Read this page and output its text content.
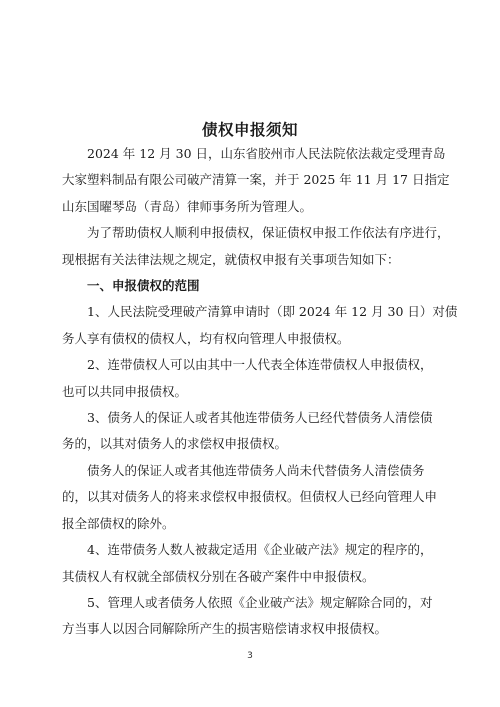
债权申报须知

2024 年 12 月 30 日，山东省胶州市人民法院依法裁定受理青岛
大家塑料制品有限公司破产清算一案，并于 2025 年 11 月 17 日指定
山东国曜琴岛（青岛）律师事务所为管理人。
为了帮助债权人顺利申报债权，保证债权申报工作依法有序进行，
现根据有关法律法规之规定，就债权申报有关事项告知如下：
一、申报债权的范围
1、人民法院受理破产清算申请时（即 2024 年 12 月 30 日）对债
务人享有债权的债权人，均有权向管理人申报债权。
2、连带债权人可以由其中一人代表全体连带债权人申报债权，
也可以共同申报债权。
3、债务人的保证人或者其他连带债务人已经代替债务人清偿债
务的，以其对债务人的求偿权申报债权。
债务人的保证人或者其他连带债务人尚未代替债务人清偿债务
的，以其对债务人的将来求偿权申报债权。但债权人已经向管理人申
报全部债权的除外。
4、连带债务人数人被裁定适用《企业破产法》规定的程序的，
其债权人有权就全部债权分别在各破产案件中申报债权。
5、管理人或者债务人依照《企业破产法》规定解除合同的，对
方当事人以因合同解除所产生的损害赔偿请求权申报债权。

3
